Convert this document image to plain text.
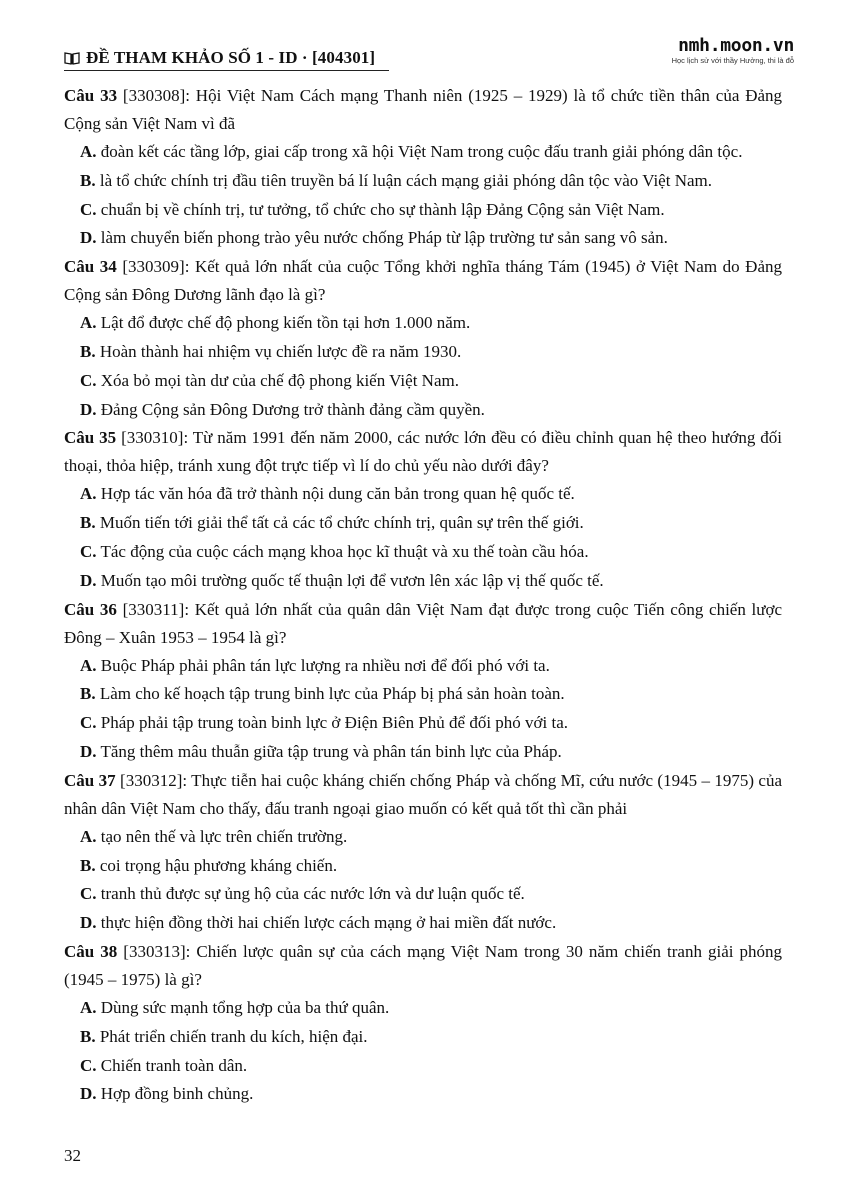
ĐỀ THAM KHẢO SỐ 1 - ID · [404301]
nmh.moon.vn
Học lịch sử với thầy Hưởng, thi là đỗ
Câu 33 [330308]: Hội Việt Nam Cách mạng Thanh niên (1925 – 1929) là tổ chức tiền thân của Đảng Cộng sản Việt Nam vì đã
A. đoàn kết các tầng lớp, giai cấp trong xã hội Việt Nam trong cuộc đấu tranh giải phóng dân tộc.
B. là tổ chức chính trị đầu tiên truyền bá lí luận cách mạng giải phóng dân tộc vào Việt Nam.
C. chuẩn bị về chính trị, tư tưởng, tổ chức cho sự thành lập Đảng Cộng sản Việt Nam.
D. làm chuyển biến phong trào yêu nước chống Pháp từ lập trường tư sản sang vô sản.
Câu 34 [330309]: Kết quả lớn nhất của cuộc Tổng khởi nghĩa tháng Tám (1945) ở Việt Nam do Đảng Cộng sản Đông Dương lãnh đạo là gì?
A. Lật đổ được chế độ phong kiến tồn tại hơn 1.000 năm.
B. Hoàn thành hai nhiệm vụ chiến lược đề ra năm 1930.
C. Xóa bỏ mọi tàn dư của chế độ phong kiến Việt Nam.
D. Đảng Cộng sản Đông Dương trở thành đảng cầm quyền.
Câu 35 [330310]: Từ năm 1991 đến năm 2000, các nước lớn đều có điều chỉnh quan hệ theo hướng đối thoại, thỏa hiệp, tránh xung đột trực tiếp vì lí do chủ yếu nào dưới đây?
A. Hợp tác văn hóa đã trở thành nội dung căn bản trong quan hệ quốc tế.
B. Muốn tiến tới giải thể tất cả các tổ chức chính trị, quân sự trên thế giới.
C. Tác động của cuộc cách mạng khoa học kĩ thuật và xu thế toàn cầu hóa.
D. Muốn tạo môi trường quốc tế thuận lợi để vươn lên xác lập vị thế quốc tế.
Câu 36 [330311]: Kết quả lớn nhất của quân dân Việt Nam đạt được trong cuộc Tiến công chiến lược Đông – Xuân 1953 – 1954 là gì?
A. Buộc Pháp phải phân tán lực lượng ra nhiều nơi để đối phó với ta.
B. Làm cho kế hoạch tập trung binh lực của Pháp bị phá sản hoàn toàn.
C. Pháp phải tập trung toàn binh lực ở Điện Biên Phủ để đối phó với ta.
D. Tăng thêm mâu thuẫn giữa tập trung và phân tán binh lực của Pháp.
Câu 37 [330312]: Thực tiễn hai cuộc kháng chiến chống Pháp và chống Mĩ, cứu nước (1945 – 1975) của nhân dân Việt Nam cho thấy, đấu tranh ngoại giao muốn có kết quả tốt thì cần phải
A. tạo nên thế và lực trên chiến trường.
B. coi trọng hậu phương kháng chiến.
C. tranh thủ được sự ủng hộ của các nước lớn và dư luận quốc tế.
D. thực hiện đồng thời hai chiến lược cách mạng ở hai miền đất nước.
Câu 38 [330313]: Chiến lược quân sự của cách mạng Việt Nam trong 30 năm chiến tranh giải phóng (1945 – 1975) là gì?
A. Dùng sức mạnh tổng hợp của ba thứ quân.
B. Phát triển chiến tranh du kích, hiện đại.
C. Chiến tranh toàn dân.
D. Hợp đồng binh chủng.
32
